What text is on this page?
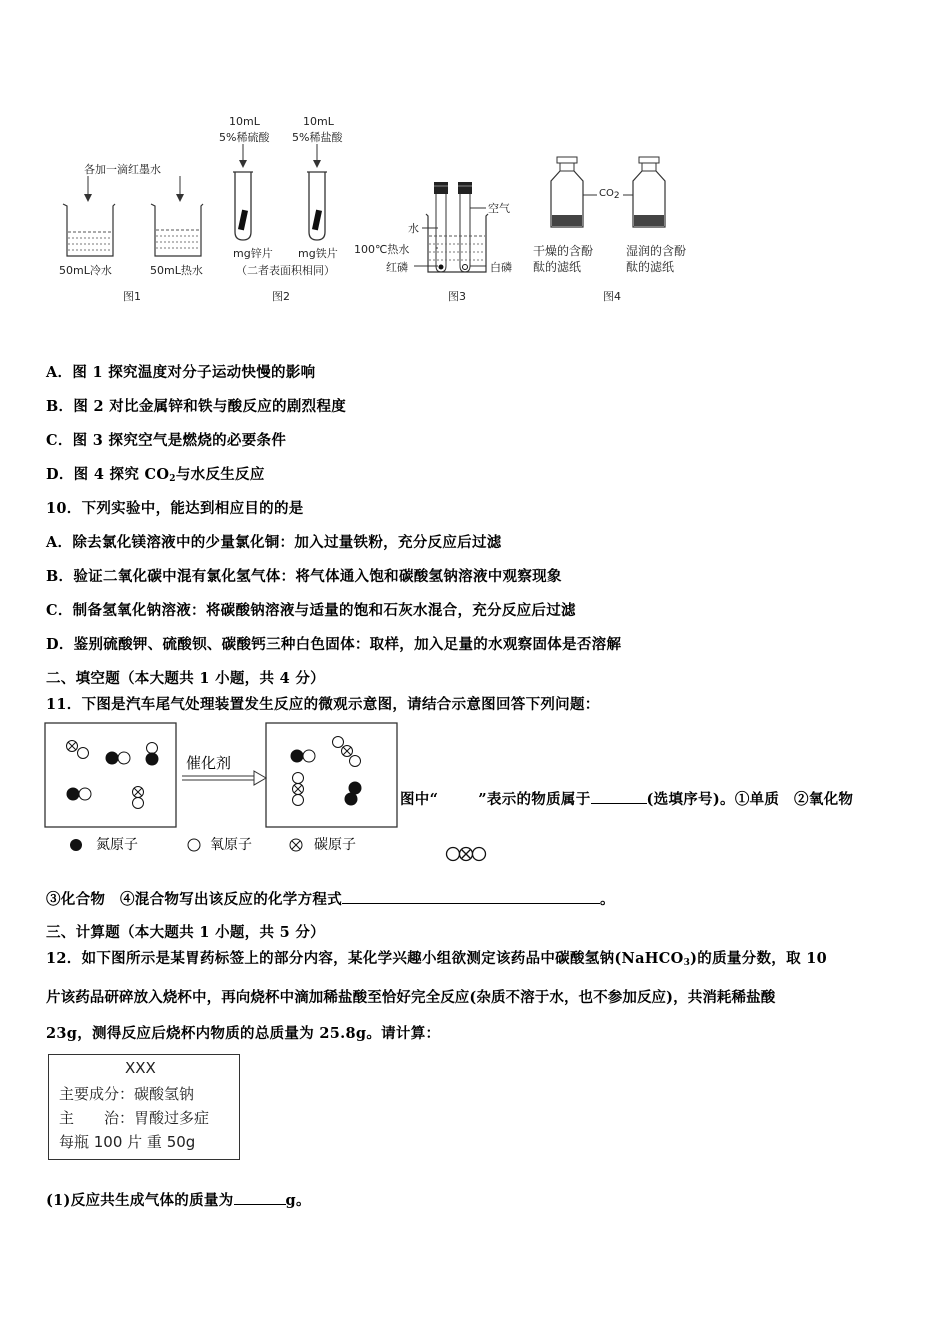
各加一滴红墨水
50mL冷水	50mL热水
图1
10mL
5%稀硫酸
10mL
5%稀盐酸
mg锌片 mg铁片
（二者表面积相同）
图2
水
100℃热水
红磷
空气
白磷
图3
CO2
干燥的含酚
酞的滤纸
湿润的含酚
酞的滤纸
图4
A．图 1 探究温度对分子运动快慢的影响
B．图 2 对比金属锌和铁与酸反应的剧烈程度
C．图 3 探究空气是燃烧的必要条件
D．图 4 探究 $CO_2$与水反生反应
10．下列实验中，能达到相应目的的是
A．除去氯化镁溶液中的少量氯化铜：加入过量铁粉，充分反应后过滤
B．验证二氧化碳中混有氯化氢气体：将气体通入饱和碳酸氢钠溶液中观察现象
C．制备氢氧化钠溶液：将碳酸钠溶液与适量的饱和石灰水混合，充分反应后过滤
D．鉴别硫酸钾、硫酸钡、碳酸钙三种白色固体：取样，加入足量的水观察固体是否溶解
二、填空题（本大题共 1 小题，共 4 分）
11．下图是汽车尾气处理装置发生反应的微观示意图，请结合示意图回答下列问题：
催化剂
氮原子	氧原子	碳原子
图中“	”表示的物质属于	(选填序号)。①单质　②氧化物
③化合物　④混合物写出该反应的化学方程式	。
三、计算题（本大题共 1 小题，共 5 分）
12．如下图所示是某胃药标签上的部分内容，某化学兴趣小组欲测定该药品中碳酸氢钠(NaHCO$_3$)的质量分数，取 10
片该药品研碎放入烧杯中，再向烧杯中滴加稀盐酸至恰好完全反应(杂质不溶于水，也不参加反应)，共消耗稀盐酸
23g，测得反应后烧杯内物质的总质量为 25.8g。请计算：
XXX
主要成分：碳酸氢钠
主　　治：胃酸过多症
每瓶 100 片 重 50g
(1)反应共生成气体的质量为	g。
